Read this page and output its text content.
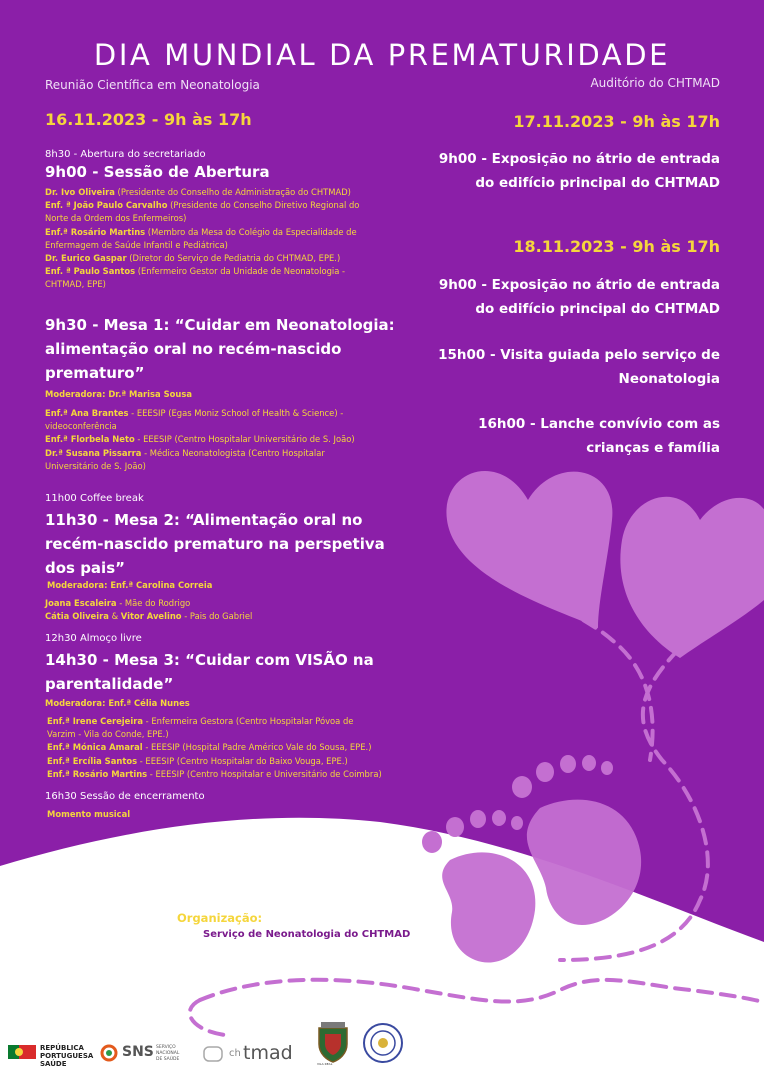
DIA MUNDIAL DA PREMATURIDADE
Reunião Científica em Neonatologia	Auditório do CHTMAD
16.11.2023 - 9h às 17h
8h30 - Abertura do secretariado
9h00 - Sessão de Abertura
Dr. Ivo Oliveira (Presidente do Conselho de Administração do CHTMAD)
Enf. ª João Paulo Carvalho (Presidente do Conselho Diretivo Regional do Norte da Ordem dos Enfermeiros)
Enf.ª Rosário Martins (Membro da Mesa do Colégio da Especialidade de Enfermagem de Saúde Infantil e Pediátrica)
Dr. Eurico Gaspar (Diretor do Serviço de Pediatria do CHTMAD, EPE.)
Enf. ª Paulo Santos (Enfermeiro Gestor da Unidade de Neonatologia - CHTMAD, EPE)
9h30 - Mesa 1: “Cuidar em Neonatologia:
alimentação oral no recém-nascido
prematuro”
Moderadora: Dr.ª Marisa Sousa
Enf.ª Ana Brantes - EEESIP (Egas Moniz School of Health & Science) - videoconferência
Enf.ª Florbela Neto - EEESIP (Centro Hospitalar Universitário de S. João)
Dr.ª Susana Pissarra - Médica Neonatologista (Centro Hospitalar Universitário de S. João)
11h00 Coffee break
11h30 - Mesa 2: “Alimentação oral no
recém-nascido prematuro na perspetiva
dos pais”
Moderadora: Enf.ª Carolina Correia
Joana Escaleira - Mãe do Rodrigo
Cátia Oliveira & Vitor Avelino - Pais do Gabriel
12h30 Almoço livre
14h30 - Mesa 3: “Cuidar com VISÃO na
parentalidade”
Moderadora: Enf.ª Célia Nunes
Enf.ª Irene Cerejeira - Enfermeira Gestora (Centro Hospitalar Póvoa de Varzim - Vila do Conde, EPE.)
Enf.ª Mónica Amaral - EEESIP (Hospital Padre Américo Vale do Sousa, EPE.)
Enf.ª Ercília Santos - EEESIP (Centro Hospitalar do Baixo Vouga, EPE.)
Enf.ª Rosário Martins - EEESIP (Centro Hospitalar e Universitário de Coimbra)
16h30 Sessão de encerramento
Momento musical
17.11.2023 - 9h às 17h
9h00 - Exposição no átrio de entrada
do edifício principal do CHTMAD
18.11.2023 - 9h às 17h
9h00 - Exposição no átrio de entrada
do edifício principal do CHTMAD
15h00 - Visita guiada pelo serviço de
Neonatologia
16h00 - Lanche convívio com as
crianças e família
Organização:
Serviço de Neonatologia do CHTMAD
REPÚBLICA PORTUGUESA
SAÚDE
SNS SERVIÇO NACIONAL
DE SAÚDE
ch tmad	VILA REAL
